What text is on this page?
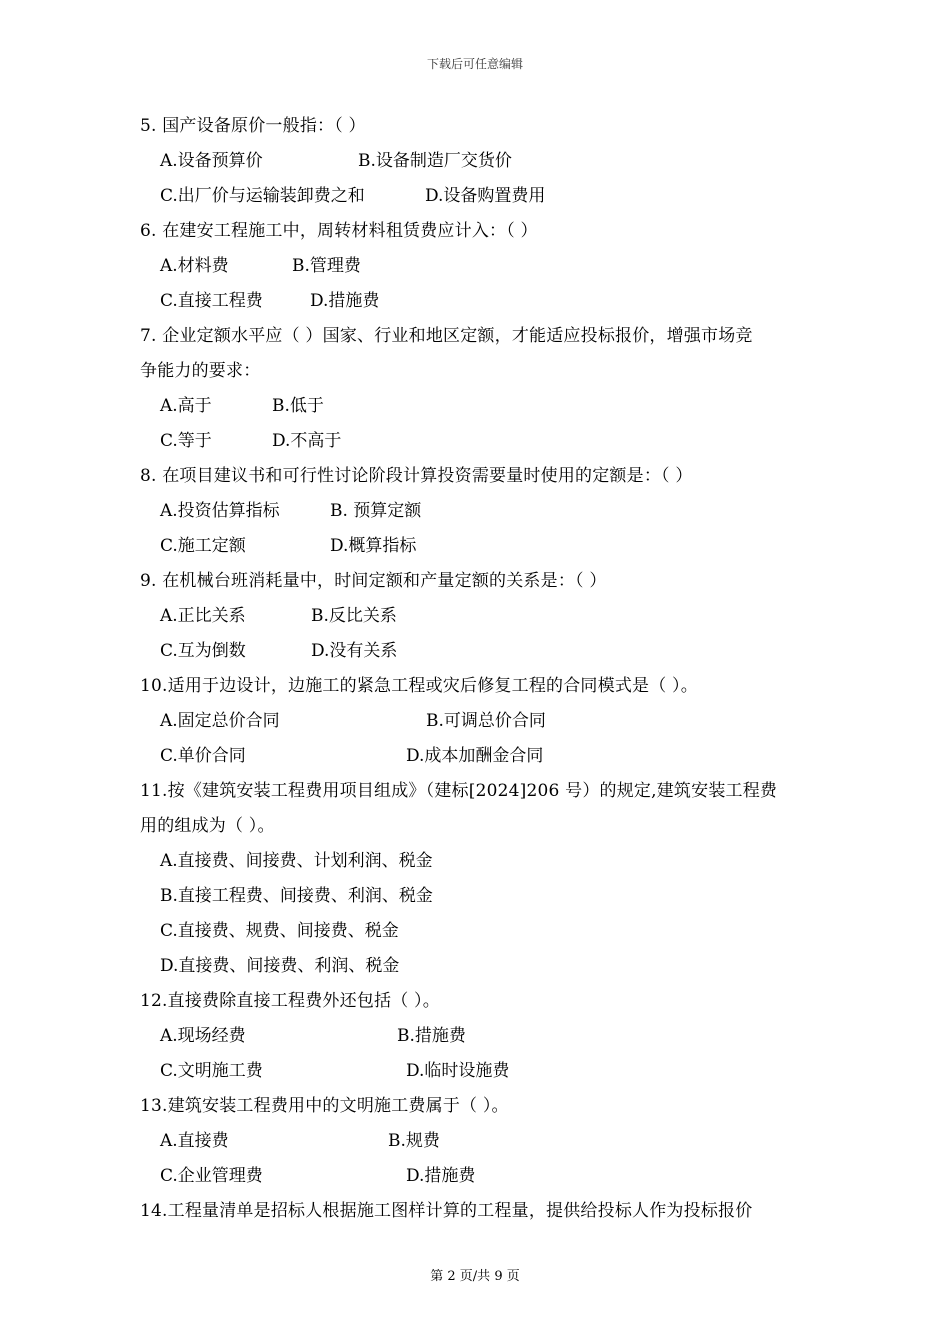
下载后可任意编辑
5. 国产设备原价一般指：（ ）
A.设备预算价	B.设备制造厂交货价
C.出厂价与运输装卸费之和	D.设备购置费用
6. 在建安工程施工中，周转材料租赁费应计入：（ ）
A.材料费	B.管理费
C.直接工程费	D.措施费
7. 企业定额水平应（ ）国家、行业和地区定额，才能适应投标报价，增强市场竞
争能力的要求：
A.高于	B.低于
C.等于	D.不高于
8. 在项目建议书和可行性讨论阶段计算投资需要量时使用的定额是：（ ）
A.投资估算指标	B. 预算定额
C.施工定额	D.概算指标
9. 在机械台班消耗量中，时间定额和产量定额的关系是：（ ）
A.正比关系	B.反比关系
C.互为倒数	D.没有关系
10.适用于边设计，边施工的紧急工程或灾后修复工程的合同模式是（ ）。
A.固定总价合同	B.可调总价合同
C.单价合同	D.成本加酬金合同
11.按《建筑安装工程费用项目组成》（建标[2024]206 号）的规定,建筑安装工程费
用的组成为（ ）。
A.直接费、间接费、计划利润、税金
B.直接工程费、间接费、利润、税金
C.直接费、规费、间接费、税金
D.直接费、间接费、利润、税金
12.直接费除直接工程费外还包括（ ）。
A.现场经费	B.措施费
C.文明施工费	D.临时设施费
13.建筑安装工程费用中的文明施工费属于（ ）。
A.直接费	B.规费
C.企业管理费	D.措施费
14.工程量清单是招标人根据施工图样计算的工程量，提供给投标人作为投标报价
第 2 页/共 9 页
